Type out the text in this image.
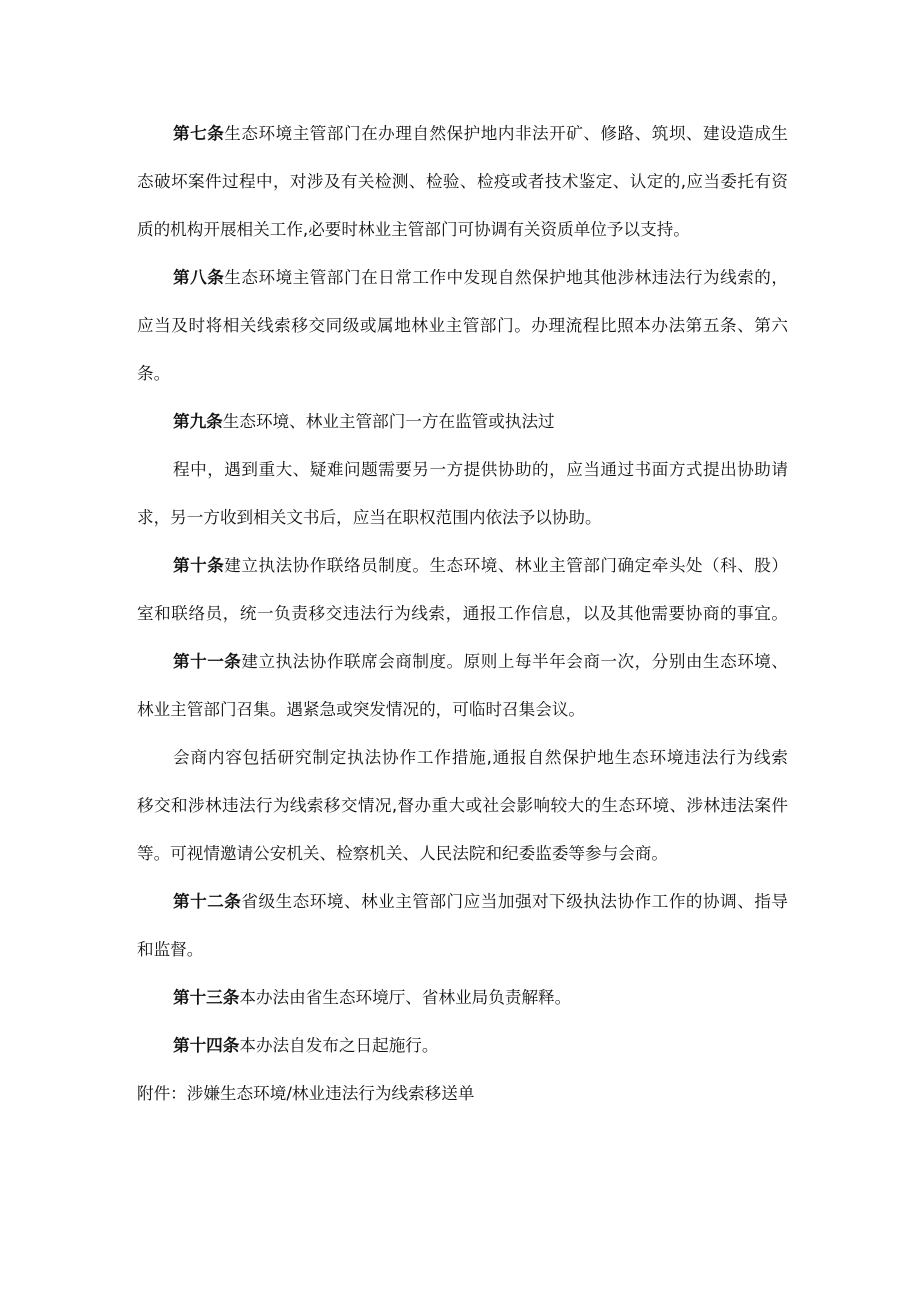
第七条生态环境主管部门在办理自然保护地内非法开矿、修路、筑坝、建设造成生

态破坏案件过程中，对涉及有关检测、检验、检疫或者技术鉴定、认定的,应当委托有资

质的机构开展相关工作,必要时林业主管部门可协调有关资质单位予以支持。

第八条生态环境主管部门在日常工作中发现自然保护地其他涉林违法行为线索的，

应当及时将相关线索移交同级或属地林业主管部门。办理流程比照本办法第五条、第六

条。

第九条生态环境、林业主管部门一方在监管或执法过

程中，遇到重大、疑难问题需要另一方提供协助的，应当通过书面方式提出协助请

求，另一方收到相关文书后，应当在职权范围内依法予以协助。

第十条建立执法协作联络员制度。生态环境、林业主管部门确定牵头处（科、股）

室和联络员，统一负责移交违法行为线索，通报工作信息，以及其他需要协商的事宜。

第十一条建立执法协作联席会商制度。原则上每半年会商一次，分别由生态环境、

林业主管部门召集。遇紧急或突发情况的，可临时召集会议。

会商内容包括研究制定执法协作工作措施,通报自然保护地生态环境违法行为线索

移交和涉林违法行为线索移交情况,督办重大或社会影响较大的生态环境、涉林违法案件

等。可视情邀请公安机关、检察机关、人民法院和纪委监委等参与会商。

第十二条省级生态环境、林业主管部门应当加强对下级执法协作工作的协调、指导

和监督。

第十三条本办法由省生态环境厅、省林业局负责解释。

第十四条本办法自发布之日起施行。

附件：涉嫌生态环境/林业违法行为线索移送单
